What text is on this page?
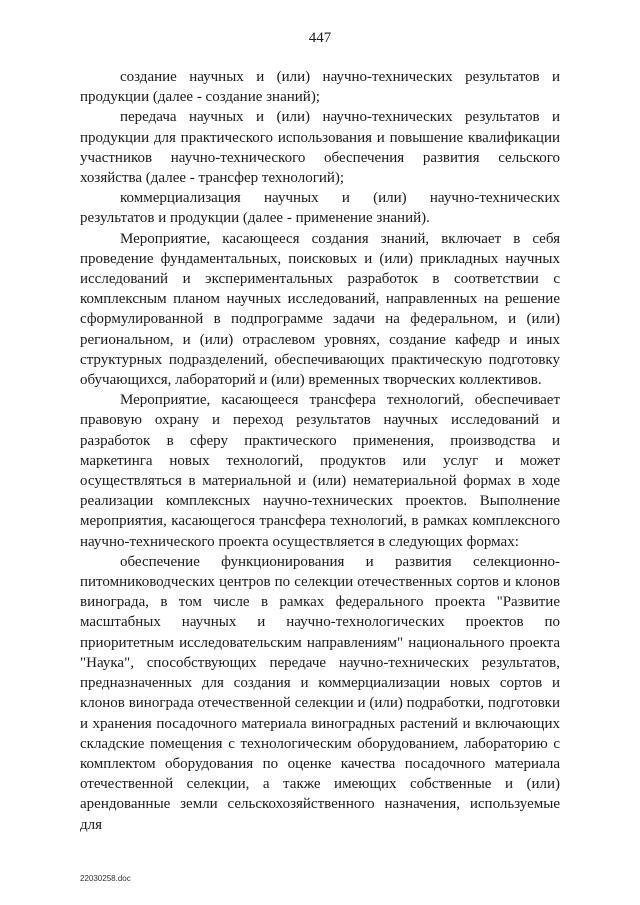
447

создание научных и (или) научно-технических результатов и продукции (далее - создание знаний);

передача научных и (или) научно-технических результатов и продукции для практического использования и повышение квалификации участников научно-технического обеспечения развития сельского хозяйства (далее - трансфер технологий);

коммерциализация научных и (или) научно-технических результатов и продукции (далее - применение знаний).

Мероприятие, касающееся создания знаний, включает в себя проведение фундаментальных, поисковых и (или) прикладных научных исследований и экспериментальных разработок в соответствии с комплексным планом научных исследований, направленных на решение сформулированной в подпрограмме задачи на федеральном, и (или) региональном, и (или) отраслевом уровнях, создание кафедр и иных структурных подразделений, обеспечивающих практическую подготовку обучающихся, лабораторий и (или) временных творческих коллективов.

Мероприятие, касающееся трансфера технологий, обеспечивает правовую охрану и переход результатов научных исследований и разработок в сферу практического применения, производства и маркетинга новых технологий, продуктов или услуг и может осуществляться в материальной и (или) нематериальной формах в ходе реализации комплексных научно-технических проектов. Выполнение мероприятия, касающегося трансфера технологий, в рамках комплексного научно-технического проекта осуществляется в следующих формах:

обеспечение функционирования и развития селекционно-питомниководческих центров по селекции отечественных сортов и клонов винограда, в том числе в рамках федерального проекта "Развитие масштабных научных и научно-технологических проектов по приоритетным исследовательским направлениям" национального проекта "Наука", способствующих передаче научно-технических результатов, предназначенных для создания и коммерциализации новых сортов и клонов винограда отечественной селекции и (или) подработки, подготовки и хранения посадочного материала виноградных растений и включающих складские помещения с технологическим оборудованием, лабораторию с комплектом оборудования по оценке качества посадочного материала отечественной селекции, а также имеющих собственные и (или) арендованные земли сельскохозяйственного назначения, используемые для

22030258.doc
